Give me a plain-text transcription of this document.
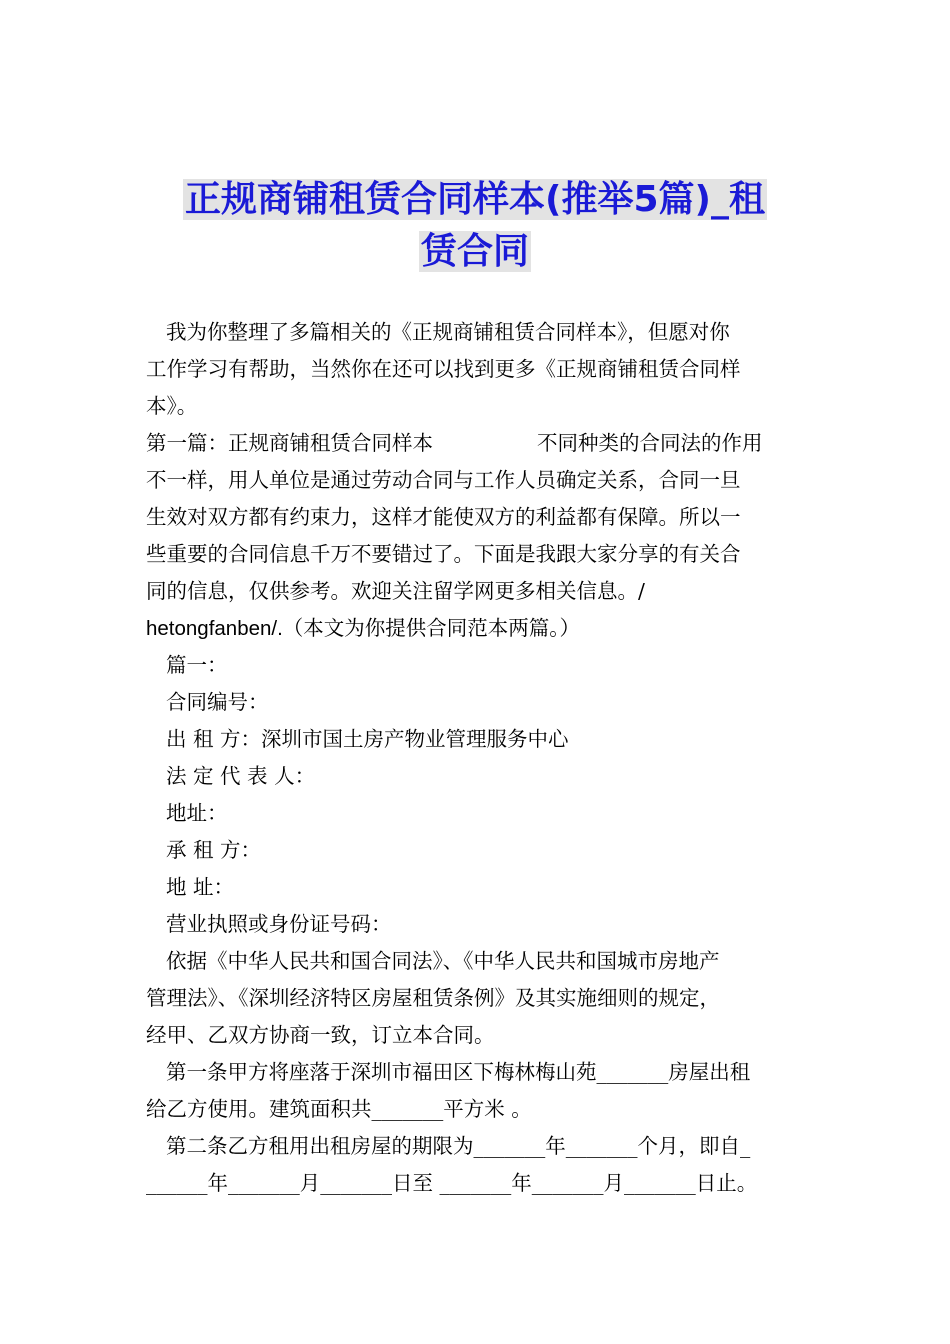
正规商铺租赁合同样本(推举5篇)_租
赁合同

我为你整理了多篇相关的《正规商铺租赁合同样本》，但愿对你

工作学习有帮助，当然你在还可以找到更多《正规商铺租赁合同样

本》。

第一篇：正规商铺租赁合同样本	不同种类的合同法的作用

不一样，用人单位是通过劳动合同与工作人员确定关系，合同一旦

生效对双方都有约束力，这样才能使双方的利益都有保障。所以一

些重要的合同信息千万不要错过了。下面是我跟大家分享的有关合

同的信息，仅供参考。欢迎关注留学网更多相关信息。/

hetongfanben/.（本文为你提供合同范本两篇。）

篇一：

合同编号：

出 租 方：深圳市国土房产物业管理服务中心

法 定 代 表 人：

地址：

承 租 方：

地 址：

营业执照或身份证号码：

依据《中华人民共和国合同法》、《中华人民共和国城市房地产

管理法》、《深圳经济特区房屋租赁条例》及其实施细则的规定，

经甲、乙双方协商一致，订立本合同。

第一条甲方将座落于深圳市福田区下梅林梅山苑_______房屋出租

给乙方使用。建筑面积共_______平方米 。

第二条乙方租用出租房屋的期限为_______年_______个月，即自_

______年_______月_______日至 _______年_______月_______日止。
